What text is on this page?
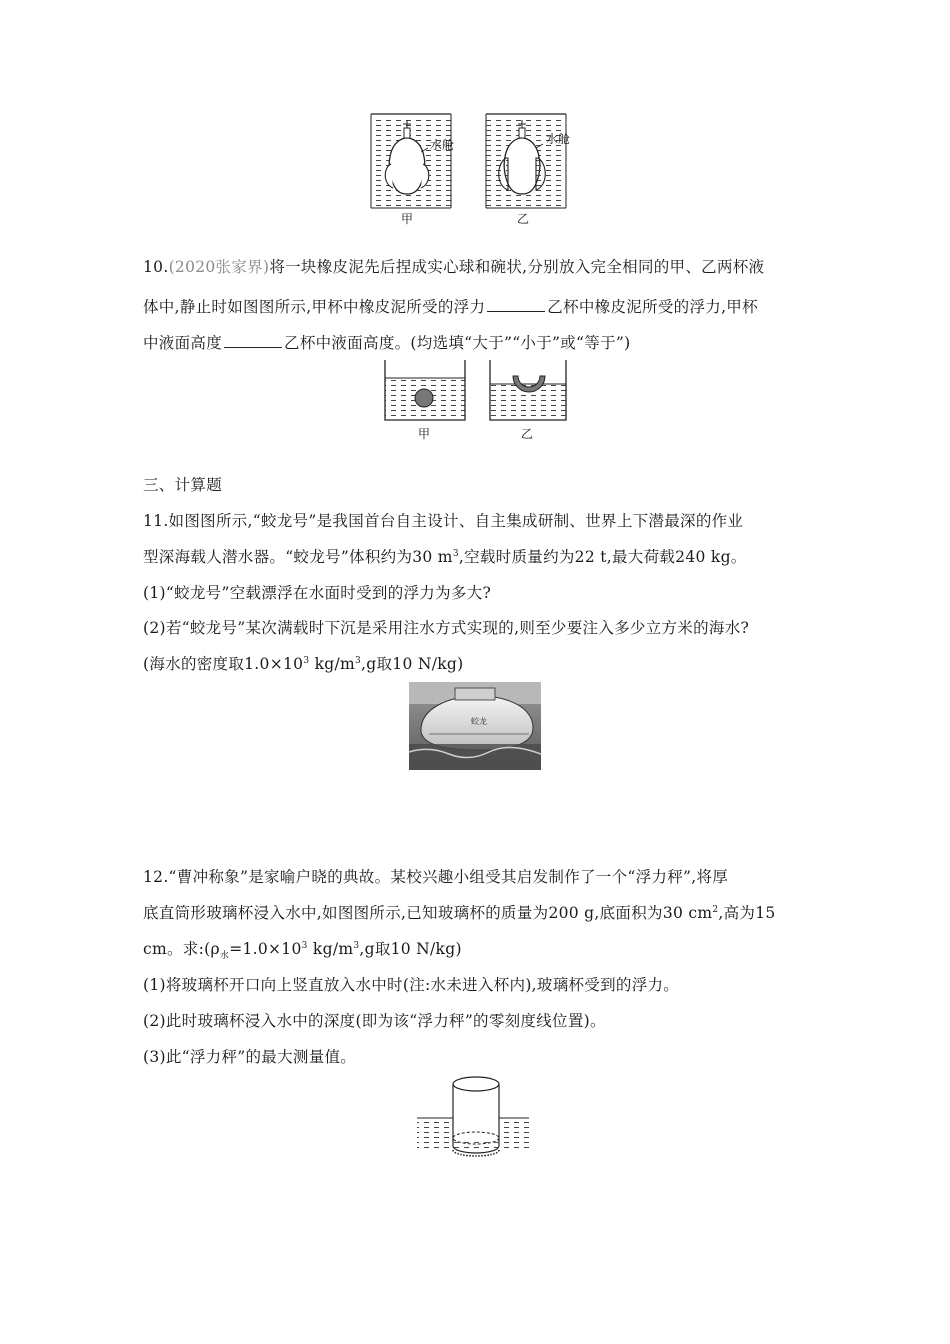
水舱	水舱
甲	乙
10.(2020张家界)将一块橡皮泥先后捏成实心球和碗状,分别放入完全相同的甲、乙两杯液
体中,静止时如图图所示,甲杯中橡皮泥所受的浮力	乙杯中橡皮泥所受的浮力,甲杯
中液面高度	乙杯中液面高度。(均选填“大于”“小于”或“等于”)
甲	乙
三、计算题
11.如图图所示,“蛟龙号”是我国首台自主设计、自主集成研制、世界上下潜最深的作业
型深海载人潜水器。“蛟龙号”体积约为30 $m^3$,空载时质量约为22 t,最大荷载240 kg。
(1)“蛟龙号”空载漂浮在水面时受到的浮力为多大?
(2)若“蛟龙号”某次满载时下沉是采用注水方式实现的,则至少要注入多少立方米的海水?
(海水的密度取$1.0\times 10^3$ $kg/m^3,g$取10 N/kg)
蛟龙
12.“曹冲称象”是家喻户晓的典故。某校兴趣小组受其启发制作了一个“浮力秤”,将厚
底直筒形玻璃杯浸入水中,如图图所示,已知玻璃杯的质量为200 g,底面积为30 $cm^2$,高为15
cm。求$:(\rho_水=1.0\times 10^3$ $kg/m^3,g$取10 N/kg)
(1)将玻璃杯开口向上竖直放入水中时(注:水未进入杯内),玻璃杯受到的浮力。
(2)此时玻璃杯浸入水中的深度(即为该“浮力秤”的零刻度线位置)。
(3)此“浮力秤”的最大测量值。
